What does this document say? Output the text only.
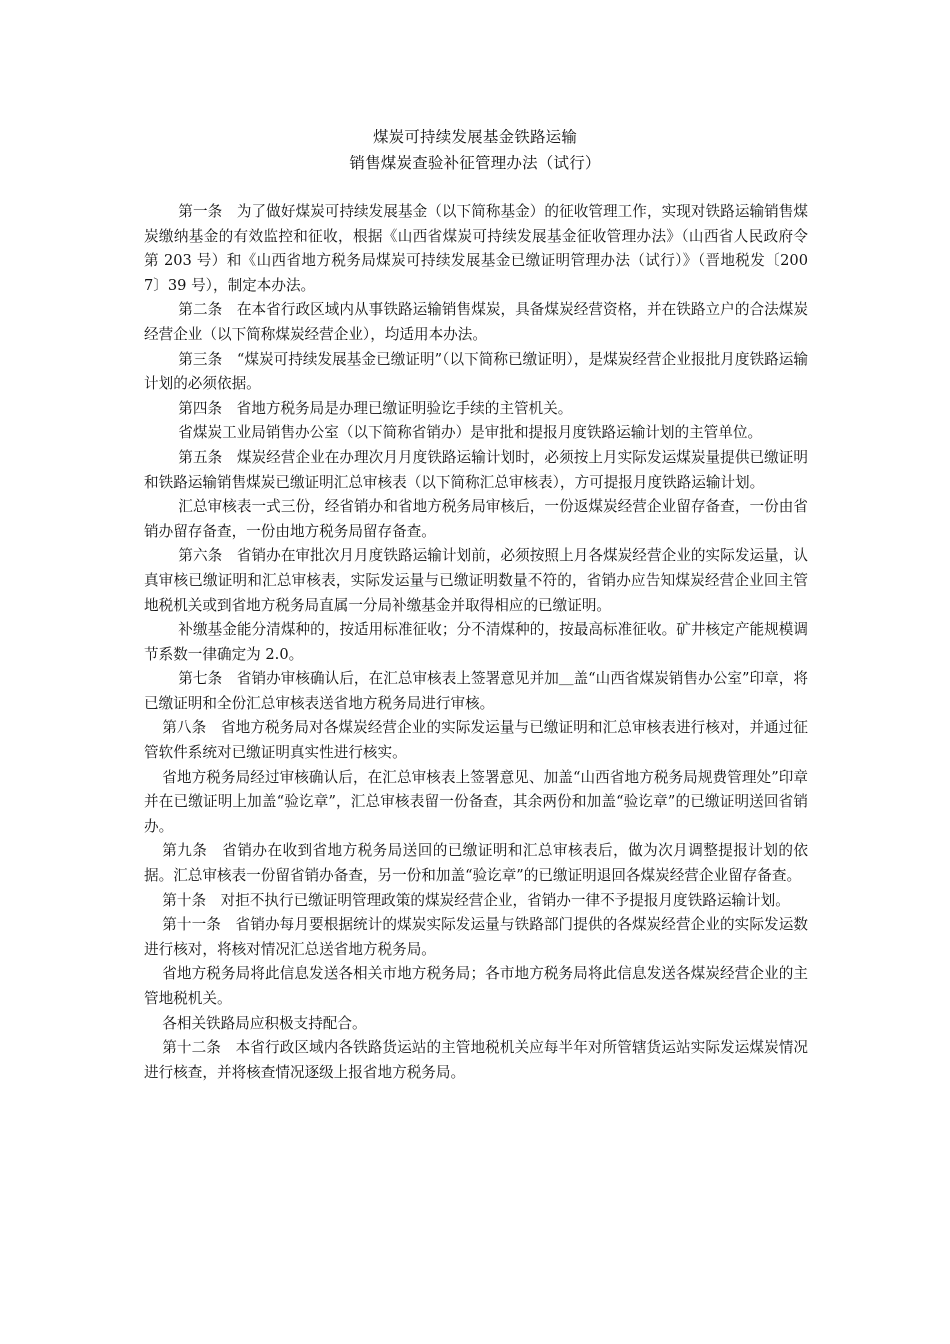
煤炭可持续发展基金铁路运输
销售煤炭查验补征管理办法（试行）

第一条　为了做好煤炭可持续发展基金（以下简称基金）的征收管理工作，实现对铁路运输销售煤炭缴纳基金的有效监控和征收，根据《山西省煤炭可持续发展基金征收管理办法》（山西省人民政府令第 203 号）和《山西省地方税务局煤炭可持续发展基金已缴证明管理办法（试行）》（晋地税发〔2007〕39 号），制定本办法。

第二条　在本省行政区域内从事铁路运输销售煤炭，具备煤炭经营资格，并在铁路立户的合法煤炭经营企业（以下简称煤炭经营企业），均适用本办法。

第三条　“煤炭可持续发展基金已缴证明”（以下简称已缴证明），是煤炭经营企业报批月度铁路运输计划的必须依据。

第四条　省地方税务局是办理已缴证明验讫手续的主管机关。

省煤炭工业局销售办公室（以下简称省销办）是审批和提报月度铁路运输计划的主管单位。

第五条　煤炭经营企业在办理次月月度铁路运输计划时，必须按上月实际发运煤炭量提供已缴证明和铁路运输销售煤炭已缴证明汇总审核表（以下简称汇总审核表），方可提报月度铁路运输计划。

汇总审核表一式三份，经省销办和省地方税务局审核后，一份返煤炭经营企业留存备查，一份由省销办留存备查，一份由地方税务局留存备查。

第六条　省销办在审批次月月度铁路运输计划前，必须按照上月各煤炭经营企业的实际发运量，认真审核已缴证明和汇总审核表，实际发运量与已缴证明数量不符的，省销办应告知煤炭经营企业回主管地税机关或到省地方税务局直属一分局补缴基金并取得相应的已缴证明。

补缴基金能分清煤种的，按适用标准征收；分不清煤种的，按最高标准征收。矿井核定产能规模调节系数一律确定为 2.0。

第七条　省销办审核确认后，在汇总审核表上签署意见并加＿盖“山西省煤炭销售办公室”印章，将已缴证明和全份汇总审核表送省地方税务局进行审核。

第八条　省地方税务局对各煤炭经营企业的实际发运量与已缴证明和汇总审核表进行核对，并通过征管软件系统对已缴证明真实性进行核实。

省地方税务局经过审核确认后，在汇总审核表上签署意见、加盖“山西省地方税务局规费管理处”印章并在已缴证明上加盖“验讫章”，汇总审核表留一份备查，其余两份和加盖“验讫章”的已缴证明送回省销办。

第九条　省销办在收到省地方税务局送回的已缴证明和汇总审核表后，做为次月调整提报计划的依据。汇总审核表一份留省销办备查，另一份和加盖“验讫章”的已缴证明退回各煤炭经营企业留存备查。

第十条　对拒不执行已缴证明管理政策的煤炭经营企业，省销办一律不予提报月度铁路运输计划。

第十一条　省销办每月要根据统计的煤炭实际发运量与铁路部门提供的各煤炭经营企业的实际发运数进行核对，将核对情况汇总送省地方税务局。

省地方税务局将此信息发送各相关市地方税务局；各市地方税务局将此信息发送各煤炭经营企业的主管地税机关。

各相关铁路局应积极支持配合。

第十二条　本省行政区域内各铁路货运站的主管地税机关应每半年对所管辖货运站实际发运煤炭情况进行核查，并将核查情况逐级上报省地方税务局。
